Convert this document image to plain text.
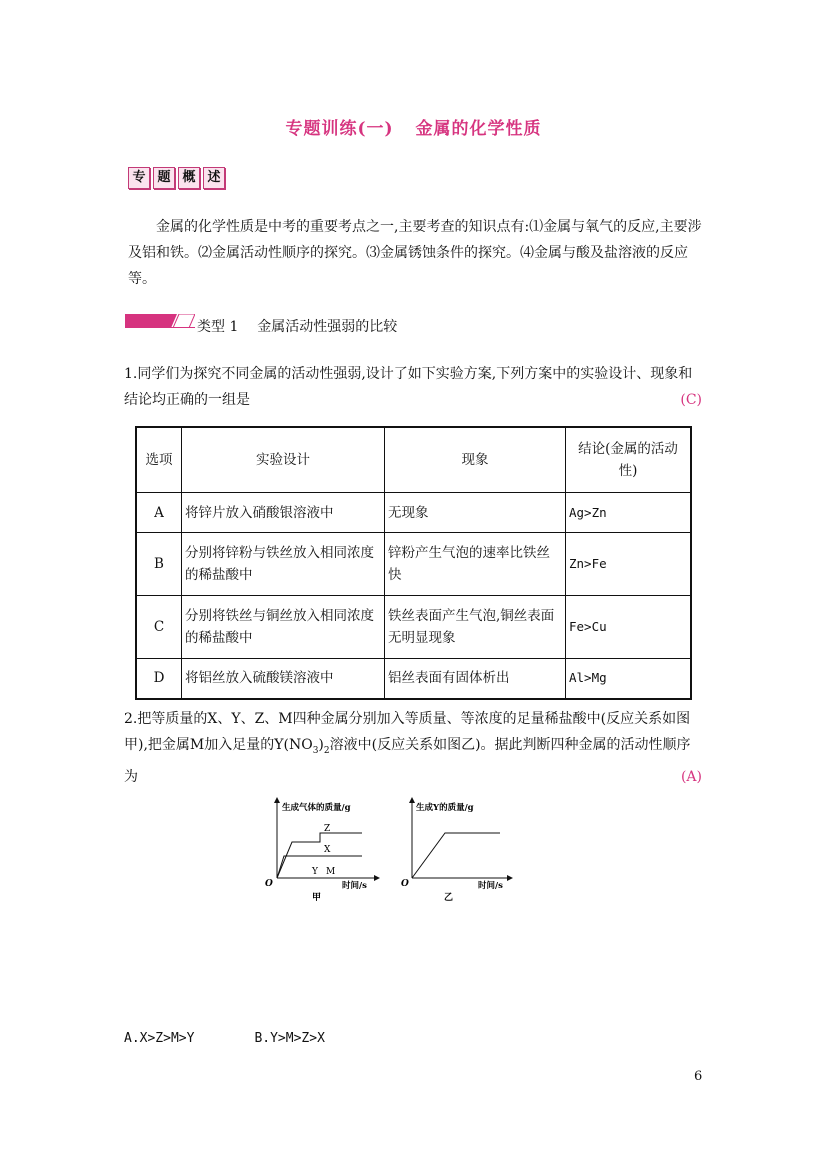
专题训练(一) 金属的化学性质
专 题 概 述
金属的化学性质是中考的重要考点之一,主要考查的知识点有:⑴金属与氧气的反应,主要涉及铝和铁。⑵金属活动性顺序的探究。⑶金属锈蚀条件的探究。⑷金属与酸及盐溶液的反应等。
类型 1 金属活动性强弱的比较
1.同学们为探究不同金属的活动性强弱,设计了如下实验方案,下列方案中的实验设计、现象和结论均正确的一组是	(C)
选项	实验设计	现象	结论(金属的活动性)
A	将锌片放入硝酸银溶液中	无现象	Ag>Zn
B	分别将锌粉与铁丝放入相同浓度的稀盐酸中	锌粉产生气泡的速率比铁丝快	Zn>Fe
C	分别将铁丝与铜丝放入相同浓度的稀盐酸中	铁丝表面产生气泡,铜丝表面无明显现象	Fe>Cu
D	将铝丝放入硫酸镁溶液中	铝丝表面有固体析出	Al>Mg
2.把等质量的X、Y、Z、M四种金属分别加入等质量、等浓度的足量稀盐酸中(反应关系如图甲),把金属M加入足量的$Y(NO_3)_2$溶液中(反应关系如图乙)。据此判断四种金属的活动性顺序为	(A)
生成气体的质量/g
O	时间/s
甲
Z
X
Y M
生成Y的质量/g
O	时间/s
乙
A.X>Z>M>Y	B.Y>M>Z>X
6
